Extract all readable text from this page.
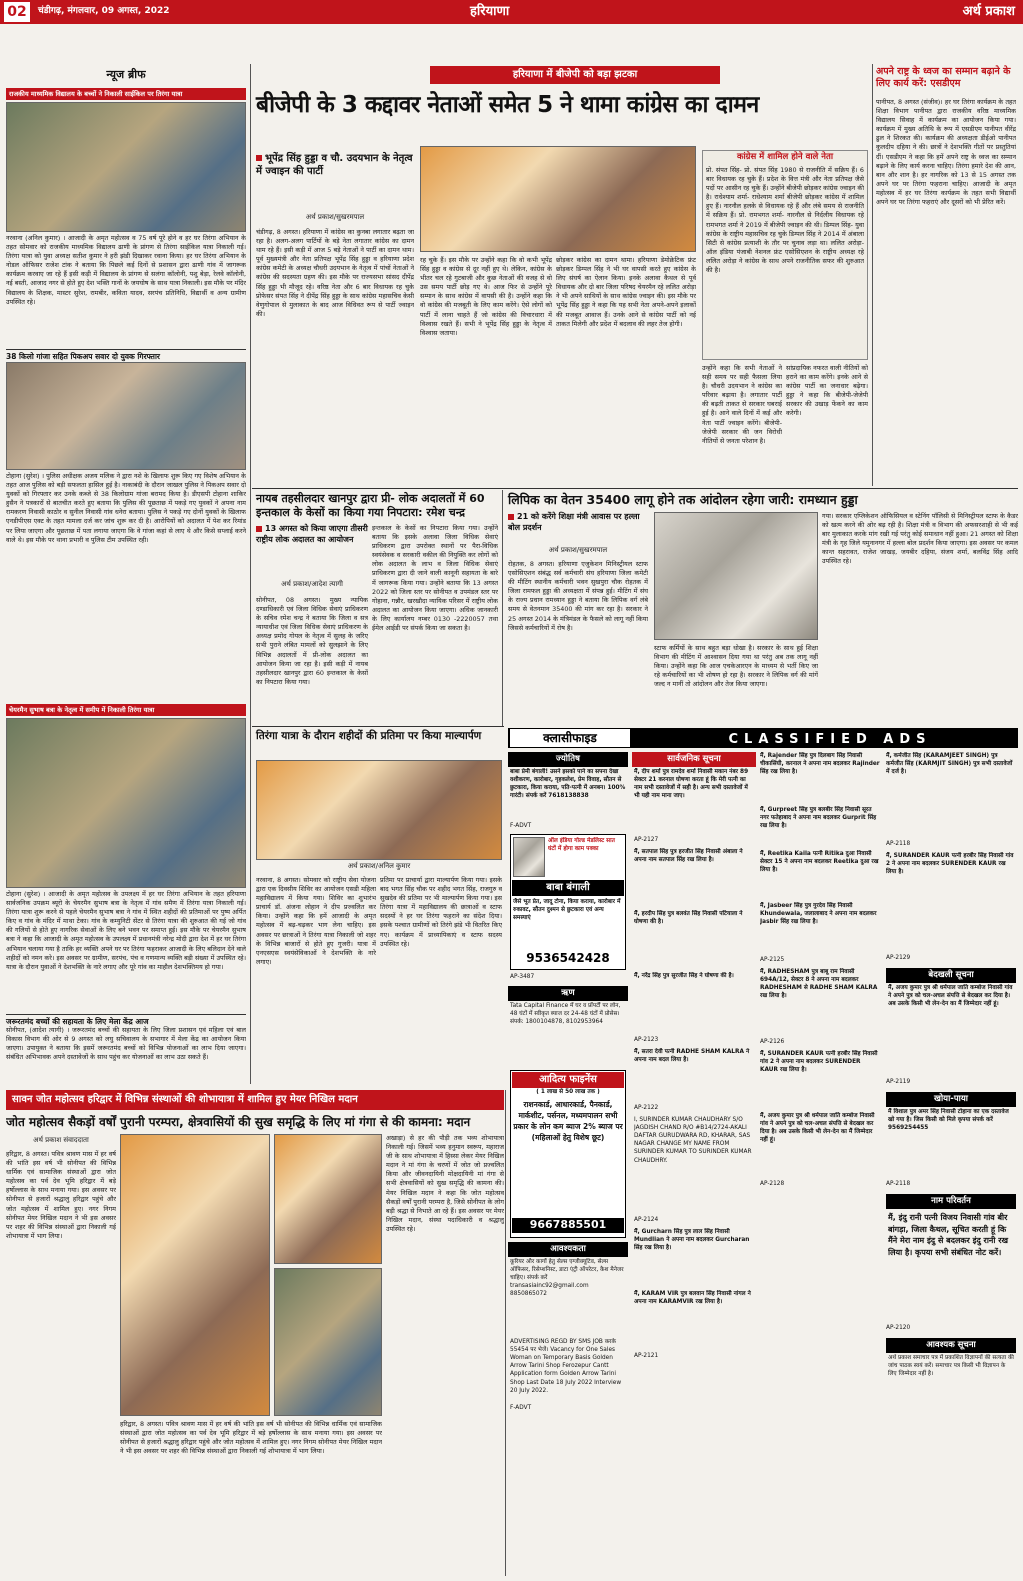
02	चंडीगढ़, मंगलवार, 09 अगस्त, 2022	हरियाणा	अर्थ प्रकाश
न्यूज ब्रीफ
राजकीय माध्यमिक विद्यालय के बच्चों ने निकाली साईकिल पर तिरंगा यात्रा
नरवाना (अनिल कुमार) । आजादी के अमृत महोत्सव व 75 वर्ष पूरे होने व हर घर तिरंगा अभियान के तहत सोमवार को राजकीय माध्यमिक विद्यालय ढाणी के प्रांगण से तिरंगा साईकिल यात्रा निकाली गई। तिरंगा यात्रा को युवा अध्यक्ष सतीश कुमार ने हरी झंडी दिखाकर रवाना किया। हर घर तिरंगा अभियान के नोडल ऑफिसर राजेश टांक ने बताया कि पिछले कई दिनों से प्रशासन द्वारा ढाणी गांव में जागरूक कार्यक्रम करवाए जा रहे हैं इसी कड़ी में विद्यालय के प्रांगण से सलंगा कॉलोनी, पशु बेड़ा, रेलवे कॉलोनी, नई बस्ती, आजाद नगर से होते हुए देश भक्ति गानों के जयघोष के साथ यात्रा निकाली। इस मौके पर मंदिर विद्यालय के शिक्षक, मास्टर सुरेश, रामबीर, कविता यादव, सरपंच प्रतिनिधि, विद्यार्थी व अन्य ग्रामीण उपस्थित रहे।
38 किलो गांजा सहित पिकअप सवार दो युवक गिरफ्तार
टोहाना (सुरेश) । पुलिस अधीक्षक अजय मलिक ने द्वारा नशे के खिलाफ शुरू किए गए विशेष अभियान के तहत आज पुलिस को बड़ी सफलता हासिल हुई है। नाकाबंदी के दौरान जाखल पुलिस ने पिकअप सवार दो युवकों को गिरफ्तार कर उनके कब्जे से 38 किलोग्राम गांजा बरामद किया है। डीएसपी टोहाना शाकिर हुसैन ने पत्रकारों से बातचीत करते हुए बताया कि पुलिस की पूछताछ में पकड़े गए युवकों ने अपना नाम रामकरण निवासी काठोर व सुनील निवासी गांव धनेरा बताया। पुलिस ने पकड़े गए दोनों युवकों के खिलाफ एनडीपीएस एक्ट के तहत मामला दर्ज कर जांच शुरू कर दी है। आरोपियों को अदालत में पेश कर रिमांड पर लिया जाएगा और पूछताछ में पता लगाया जाएगा कि वे गांजा कहां से लाए थे और किसे सप्लाई करने वाले थे। इस मौके पर थाना प्रभारी व पुलिस टीम उपस्थित रही।
चेयरमैन सुभाष बत्रा के नेतृत्व में समीप में निकाली तिरंगा यात्रा
टोहाना (सुरेश) । आजादी के अमृत महोत्सव के उपलक्ष्य में हर घर तिरंगा अभियान के तहत हरियाणा सार्वजनिक उपक्रम ब्यूरो के चेयरमैन सुभाष बत्रा के नेतृत्व में गांव समैण में तिरंगा यात्रा निकाली गई। तिरंगा यात्रा शुरू करने से पहले चेयरमैन सुभाष बत्रा ने गांव में स्थित शहीदों की प्रतिमाओं पर पुष्प अर्पित किए व गांव के मंदिर में माथा टेका। गांव के कम्युनिटी सेंटर से तिरंगा यात्रा की शुरुआत की गई जो गांव की गलियों से होते हुए नागरिक सेवाओं के लिए बने भवन पर समाप्त हुई। इस मौके पर चेयरमैन सुभाष बत्रा ने कहा कि आजादी के अमृत महोत्सव के उपलक्ष्य में प्रधानमंत्री नरेन्द्र मोदी द्वारा देश में हर घर तिरंगा अभियान चलाया गया है ताकि हर व्यक्ति अपने घर पर तिरंगा फहराकर आजादी के लिए बलिदान देने वाले शहीदों को नमन करे। इस अवसर पर ग्रामीण, सरपंच, पंच व गणमान्य व्यक्ति बड़ी संख्या में उपस्थित रहे। यात्रा के दौरान युवाओं ने देशभक्ति के नारे लगाए और पूरे गांव का माहौल देशभक्तिमय हो गया।
जरूरतमंद बच्चों की सहायता के लिए मेला केंद्र आज
सोनीपत, (आदेश त्यागी) । जरूरतमंद बच्चों की सहायता के लिए जिला प्रशासन एवं महिला एवं बाल विकास विभाग की ओर से 9 अगस्त को लघु सचिवालय के सभागार में मेला केंद्र का आयोजन किया जाएगा। उपायुक्त ने बताया कि इसमें जरूरतमंद बच्चों को विभिन्न योजनाओं का लाभ दिया जाएगा। संबंधित अभिभावक अपने दस्तावेजों के साथ पहुंच कर योजनाओं का लाभ उठा सकते हैं।
हरियाणा में बीजेपी को बड़ा झटका
बीजेपी के 3 कद्दावर नेताओं समेत 5 ने थामा कांग्रेस का दामन
भूपेंद्र सिंह हुड्डा व चौ. उदयभान के नेतृत्व में ज्वाइन की पार्टी
अर्थ प्रकाश/सुखरमपाल
चंडीगढ़, 8 अगस्त। हरियाणा में कांग्रेस का कुनबा लगातार बढ़ता जा रहा है। अलग-अलग पार्टियों के बड़े नेता लगातार कांग्रेस का दामन थाम रहे हैं। इसी कड़ी में आज 5 बड़े नेताओं ने पार्टी का दामन थाम। पूर्व मुख्यमंत्री और नेता प्रतिपक्ष भूपेंद्र सिंह हुड्डा व हरियाणा प्रदेश कांग्रेस कमेटी के अध्यक्ष चौधरी उदयभान के नेतृत्व में पांचों नेताओं ने कांग्रेस की सदस्यता ग्रहण की। इस मौके पर राज्यसभा सांसद दीपेंद्र सिंह हुड्डा भी मौजूद रहे। वरिष्ठ नेता और 6 बार विधायक रह चुके प्रोफेसर संपत सिंह ने दीपेंद्र सिंह हुड्डा के साथ कांग्रेस महासचिव केसी वेणुगोपाल से मुलाकात के बाद आज विधिवत रूप से पार्टी ज्वाइन की।
रह चुके हैं। इस मौके पर उन्होंने कहा कि वो कभी भूपेंद्र सिंह हुड्डा व कांग्रेस से दूर नहीं हुए थे। लेकिन, कांग्रेस के भीतर चल रहे गुटबाजी और कुछ नेताओं की वजह से वो उस समय पार्टी छोड़ गए थे। आज फिर से उन्होंने पूरे सम्मान के साथ कांग्रेस में वापसी की है। उन्होंने कहा कि वो कांग्रेस की मजबूती के लिए काम करेंगे। ऐसे लोगों को पार्टी में लाना चाहते हैं जो कांग्रेस की विचारधारा में विश्वास रखते हैं। सभी ने भूपेंद्र सिंह हुड्डा के नेतृत्व में विश्वास जताया।
छोड़कर कांग्रेस का दामन थामा। हरियाणा डेमोक्रेटिक फ्रंट छोड़कर डिम्पल सिंह ने भी घर वापसी करते हुए कांग्रेस के लिए संघर्ष का ऐलान किया। इनके अलावा कैथल से पूर्व विधायक और दो बार जिला परिषद चेयरमैन रहे ललित अरोड़ा ने भी अपने साथियों के साथ कांग्रेस ज्वाइन की। इस मौके पर भूपेंद्र सिंह हुड्डा ने कहा कि यह सभी नेता अपने-अपने इलाकों की मजबूत आवाज हैं। उनके आने से कांग्रेस पार्टी को नई ताकत मिलेगी और प्रदेश में बदलाव की लहर तेज होगी।
कांग्रेस में शामिल होने वाले नेता
प्रो. संपत सिंह- प्रो. संपत सिंह 1980 से राजनीति में सक्रिय हैं। 6 बार विधायक रह चुके हैं। प्रदेश के वित्त मंत्री और नेता प्रतिपक्ष जैसे पदों पर आसीन रह चुके हैं। उन्होंने बीजेपी छोड़कर कांग्रेस ज्वाइन की है। राधेश्याम शर्मा- राधेश्याम शर्मा बीजेपी छोड़कर कांग्रेस में शामिल हुए हैं। नारनौल हलके से विधायक रहे हैं और लंबे समय से राजनीति में सक्रिय हैं। प्रो. रामभगत शर्मा- नारनौल से निर्दलीय विधायक रहे रामभगत शर्मा ने 2019 में बीजेपी ज्वाइन की थी। डिम्पल सिंह- युवा कांग्रेस के राष्ट्रीय महासचिव रह चुके डिम्पल सिंह ने 2014 में अंबाला सिटी से कांग्रेस प्रत्याशी के तौर पर चुनाव लड़ा था। ललित अरोड़ा- ऑल इंडिया पंजाबी नेशनल फ्रंट एसोसिएशन के राष्ट्रीय अध्यक्ष रहे ललित अरोड़ा ने कांग्रेस के साथ अपने राजनीतिक सफर की शुरुआत की है।
उन्होंने कहा कि सभी नेताओं ने सही समय पर सही फैसला लिया है। चौधरी उदयभान ने कांग्रेस का परिवार बढ़ाया है। लगातार पार्टी की बढ़ती ताकत से सरकार घबराई हुई है। आने वाले दिनों में कई और नेता पार्टी ज्वाइन करेंगे। बीजेपी-जेजेपी सरकार की जन विरोधी नीतियों से जनता परेशान है।
सांप्रदायिक नफरत वाली नीतियों को हराने का काम करेंगे। इनके आने से कांग्रेस पार्टी का जनाधार बढ़ेगा। हुड्डा ने कहा कि बीजेपी-जेजेपी सरकार की उखाड़ फेंकने का काम करेगी।
अपने राष्ट्र के ध्वज का सम्मान बढ़ाने के लिए कार्य करें: एसडीएम
पानीपत, 8 अगस्त (संजीव)। हर घर तिरंगा कार्यक्रम के तहत शिक्षा विभाग पानीपत द्वारा राजकीय वरिष्ठ माध्यमिक विद्यालय सिवाह में कार्यक्रम का आयोजन किया गया। कार्यक्रम में मुख्य अतिथि के रूप में एसडीएम पानीपत वीरेंद्र ढुल ने शिरकत की। कार्यक्रम की अध्यक्षता डीईओ पानीपत कुलदीप दहिया ने की। छात्रों ने देशभक्ति गीतों पर प्रस्तुतियां दीं। एसडीएम ने कहा कि हमें अपने राष्ट्र के ध्वज का सम्मान बढ़ाने के लिए कार्य करना चाहिए। तिरंगा हमारे देश की आन, बान और शान है। हर नागरिक को 13 से 15 अगस्त तक अपने घर पर तिरंगा फहराना चाहिए। आजादी के अमृत महोत्सव में हर घर तिरंगा कार्यक्रम के तहत सभी विद्यार्थी अपने घर पर तिरंगा फहराएं और दूसरों को भी प्रेरित करें।
नायब तहसीलदार खानपुर द्वारा प्री- लोक अदालतों में 60 इन्तकाल के केसों का किया गया निपटारा: रमेश चन्द्र
13 अगस्त को किया जाएगा तीसरी राष्ट्रीय लोक अदालत का आयोजन
अर्थ प्रकाश/आदेश त्यागी
सोनीपत, 08 अगस्त। मुख्य न्यायिक दण्डाधिकारी एवं जिला विधिक सेवाएं प्राधिकरण के सचिव रमेश चन्द्र ने बताया कि जिला व सत्र न्यायाधीश एवं जिला विधिक सेवाएं प्राधिकरण के अध्यक्ष प्रमोद गोयल के नेतृत्व में सुलह के जरिए सभी पुराने लंबित मामलों को सुलझाने के लिए विभिन्न अदालतों में प्री-लोक अदालत का आयोजन किया जा रहा है। इसी कड़ी में नायब तहसीलदार खानपुर द्वारा 60 इन्तकाल के केसों का निपटारा किया गया।
इन्तकाल के केसों का निपटारा किया गया। उन्होंने बताया कि इसके अलावा जिला विधिक सेवाएं प्राधिकरण द्वारा उपरोक्त स्थानों पर पैरा-विधिक स्वयंसेवक व सरकारी वकील की नियुक्ति कर लोगों को लोक अदालत के लाभ व जिला विधिक सेवाएं प्राधिकरण द्वारा दी जाने वाली कानूनी सहायता के बारे में जागरूक किया गया। उन्होंने बताया कि 13 अगस्त 2022 को जिला स्तर पर सोनीपत व उपमंडल स्तर पर गोहाना, गन्नौर, खरखौदा न्यायिक परिसर में राष्ट्रीय लोक अदालत का आयोजन किया जाएगा। अधिक जानकारी के लिए कार्यालय नम्बर 0130 -2220057 तथा ईमेल आईडी पर संपर्क किया जा सकता है।
लिपिक का वेतन 35400 लागू होने तक आंदोलन रहेगा जारी: रामध्यान हुड्डा
21 को करेंगे शिक्षा मंत्री आवास पर हल्ला बोल प्रदर्शन
अर्थ प्रकाश/सुखरमपाल
रोहतक, 8 अगस्त। हरियाणा एजुकेशन मिनिस्ट्रीयल स्टाफ एसोसिएशन संबंद्ध सर्व कर्मचारी संघ हरियाणा जिला कमेटी की मीटिंग स्थानीय कर्मचारी भवन सुखपुरा चौक रोहतक में जिला रामफल हुड्डा की अध्यक्षता में संपन्न हुई। मीटिंग में संघ के राज्य प्रधान रामध्यान हुड्डा ने बताया कि लिपिक वर्ग लंबे समय से वेतनमान 35400 की मांग कर रहा है। सरकार ने 25 अगस्त 2014 के मंत्रिमंडल के फैसले को लागू नहीं किया जिससे कर्मचारियों में रोष है।
स्टाफ कर्मियों के साथ बहुत बड़ा धोखा है। सरकार के साथ हुई शिक्षा विभाग की मीटिंग में आश्वासन दिया गया था परंतु अब तक लागू नहीं किया। उन्होंने कहा कि आज एचकेआरएन के माध्यम से भर्ती किए जा रहे कर्मचारियों का भी शोषण हो रहा है। सरकार ने लिपिक वर्ग की मांगें जल्द न मानीं तो आंदोलन और तेज किया जाएगा।
गया। सरकार एप्लिकेशन ऑफिसियल व स्टेनिंग पॉलिसी से मिनिस्ट्रीयल स्टाफ के कैडर को खत्म करने की ओर बढ़ रही है। शिक्षा मंत्री व विभाग की अफसरशाही से भी कई बार मुलाकात करके मांग रखी गई परंतु कोई समाधान नहीं हुआ। 21 अगस्त को शिक्षा मंत्री के गृह जिले यमुनानगर में हल्ला बोल प्रदर्शन किया जाएगा। इस अवसर पर कमल कान्त सहरावत, राजेश जाखड़, जयबीर दहिया, संजय शर्मा, बलविंद्र सिंह आदि उपस्थित रहे।
तिरंगा यात्रा के दौरान शहीदों की प्रतिमा पर किया माल्यार्पण
अर्थ प्रकाश/अनिल कुमार
नरवाना, 8 अगस्त। सोमवार को राष्ट्रीय सेवा योजना द्वारा एक दिवसीय शिविर का आयोजन एसडी महिला महाविद्यालय में किया गया। शिविर का शुभारंभ प्राचार्य डॉ. अंजना लोहान ने दीप प्रज्वलित कर किया। उन्होंने कहा कि हमें आजादी के अमृत महोत्सव में बढ़-चढ़कर भाग लेना चाहिए। इस अवसर पर छात्राओं ने तिरंगा यात्रा निकाली जो शहर के विभिन्न बाजारों से होते हुए गुजरी। यात्रा में एनएसएस स्वयंसेविकाओं ने देशभक्ति के नारे लगाए।
प्रतिमा पर प्राचार्या द्वारा माल्यार्पण किया गया। इसके बाद भगत सिंह चौक पर शहीद भगत सिंह, राजगुरु व सुखदेव की प्रतिमा पर भी माल्यार्पण किया गया। इस तिरंगा यात्रा में महाविद्यालय की छात्राओं व स्टाफ सदस्यों ने हर घर तिरंगा फहराने का संदेश दिया। इसके पश्चात ग्रामीणों को तिरंगे झंडे भी वितरित किए गए। कार्यक्रम में प्राध्यापिकाएं व स्टाफ सदस्य उपस्थित रहे।
क्लासीफाइड	CLASSIFIED ADS
ज्योतिष
बाबा प्रेमी बंगाली! उसने इसको पाने का सपना देखा वशीकरण, कारोबार, गृहकलेश, प्रेम विवाह, सौतन से छुटकारा, किया कराया, पति-पत्नी में अनबन। 100% गारंटी। संपर्क करें 7618138838
F-ADVT
ऑल इंडिया गोल्ड मेडलिस्ट सात घंटों में होगा काम पक्का
बाबा बंगाली
जैसे भूत प्रेत, जादू टोना, किया कराया, कारोबार में रुकावट, सौतन दुश्मन से छुटकारा एवं अन्य समस्याएं
9536542428
AP-3487
ऋण
Tata Capital Finance में घर व प्रॉपर्टी पर लोन, 48 घंटों में स्वीकृत ब्याज दर 24-48 घंटों में प्रोसेस। संपर्क: 1800104878, 8102953964
आदित्य फाइनेंस
( 1 लाख से 50 लाख तक )
राशनकार्ड, आधारकार्ड, पैनकार्ड, मार्कशीट, पर्सनल, मध्यमपालन सभी प्रकार के लोन कम ब्याज 2% ब्याज पर (महिलाओं हेतु विशेष छूट)
9667885501
आवश्यकता
कूरियर और कार्गो हेतु सेल्स एग्जीक्यूटिव, सेल्स ऑफिसर, रिसेप्शनिस्ट, डाटा एंट्री ऑपरेटर, कैश मैनेजर चाहिए। संपर्क करें transasiainc92@gmail.com 8850865072
ADVERTISING REGD BY SMS JOB करके 55454 पर भेजें। Vacancy for One Sales Woman on Temporary Basis Golden Arrow Tarini Shop Ferozepur Cantt Application form Golden Arrow Tarini Shop Last Date 18 July 2022 Interview 20 July 2022.
F-ADVT
सार्वजनिक सूचना
मैं, दीप शर्मा पुत्र रामदेव शर्मा निवासी मकान नंबर 89 सेक्टर 21 करनाल घोषणा करता हूं कि मेरी पत्नी का नाम सभी दस्तावेजों में सही है। अन्य सभी दस्तावेजों में भी यही नाम माना जाए।
AP-2127
मैं, सतपाल सिंह पुत्र हरजीत सिंह निवासी अंबाला ने अपना नाम सतपाल सिंह रख लिया है।
मैं, हरदीप सिंह पुत्र बलवंत सिंह निवासी पटियाला ने घोषणा की है।
मैं, नरेंद्र सिंह पुत्र सुरजीत सिंह ने घोषणा की है।
AP-2123
मैं, सतरा देवी पत्नी RADHE SHAM KALRA ने अपना नाम बदल लिया है।
AP-2122
I, SURINDER KUMAR CHAUDHARY S/O JAGDISH CHAND R/O #B14/2724-AKALI DAFTAR GURUDWARA RD, KHARAR, SAS NAGAR CHANGE MY NAME FROM SURINDER KUMAR TO SURINDER KUMAR CHAUDHRY.
AP-2124
मैं, Gurcharn सिंह पुत्र लाल सिंह निवासी Mundlian ने अपना नाम बदलकर Gurcharan सिंह रख लिया है।
मैं, KARAM VIR पुत्र बलवान सिंह निवासी नांगल ने अपना नाम KARAMVIR रख लिया है।
AP-2121
मैं, Rajender सिंह पुत्र दिलबाग सिंह निवासी चीकासिंघी, करनाल ने अपना नाम बदलकर Rajinder सिंह रख लिया है।
मैं, Gurpreet सिंह पुत्र बलबीर सिंह निवासी सूरत नगर फतेहाबाद ने अपना नाम बदलकर Gurprit सिंह रख लिया है।
मैं, Reetika Kaila पत्नी Ritika दुआ निवासी सेक्टर 15 ने अपना नाम बदलकर Reetika दुआ रख लिया है।
मैं, Jasbeer सिंह पुत्र गुरदेव सिंह निवासी Khundewala, जलालाबाद ने अपना नाम बदलकर Jasbir सिंह रख लिया है।
AP-2125
मैं, RADHESHAM पुत्र बाबू राम निवासी 694A/12, सेक्टर 8 ने अपना नाम बदलकर RADHESHAM से RADHE SHAM KALRA रख लिया है।
AP-2126
मैं, SURANDER KAUR पत्नी हरबीर सिंह निवासी गांव 2 ने अपना नाम बदलकर SURENDER KAUR रख लिया है।
मैं, अजय कुमार पुत्र श्री धर्मपाल जाति कम्बोज निवासी गांव ने अपने पुत्र को चल-अचल संपत्ति से बेदखल कर दिया है। अब उसके किसी भी लेन-देन का मैं जिम्मेदार नहीं हूं।
AP-2128
मैं, कर्मजीत सिंह (KARAMJEET SINGH) पुत्र कर्मजीत सिंह (KARMJIT SINGH) पुत्र सभी दस्तावेजों में दर्ज है।
AP-2118
मैं, SURANDER KAUR पत्नी हरबीर सिंह निवासी गांव 2 ने अपना नाम बदलकर SURENDER KAUR रख लिया है।
AP-2129
बेदखली सूचना
मैं, अजय कुमार पुत्र श्री धर्मपाल जाति कम्बोज निवासी गांव ने अपने पुत्र को चल-अचल संपत्ति से बेदखल कर दिया है। अब उसके किसी भी लेन-देन का मैं जिम्मेदार नहीं हूं।
AP-2119
खोया-पाया
मैं विशाल पुत्र अमर सिंह निवासी टोहाना का एक दस्तावेज खो गया है। जिस किसी को मिले कृपया संपर्क करें 9569254455
AP-2118
नाम परिवर्तन
मैं, इंदु रानी पत्नी विजय निवासी गांव बीर बांगड़ा, जिला कैथल, सूचित करती हूं कि मैंने मेरा नाम इंदु से बदलकर इंदु रानी रख लिया है। कृपया सभी संबंधित नोट करें।
AP-2120
आवश्यक सूचना
अर्थ प्रकाश समाचार पत्र में प्रकाशित विज्ञापनों की सत्यता की जांच पाठक स्वयं करें। समाचार पत्र किसी भी विज्ञापन के लिए जिम्मेदार नहीं है।
सावन जोत महोत्सव हरिद्वार में विभिन्न संस्थाओं की शोभायात्रा में शामिल हुए मेयर निखिल मदान
जोत महोत्सव सैकड़ों वर्षों पुरानी परम्परा, क्षेत्रवासियों की सुख समृद्धि के लिए मां गंगा से की कामना: मदान
अर्थ प्रकाश संवाददाता
हरिद्वार, 8 अगस्त। पवित्र श्रावण मास में हर वर्ष की भांति इस वर्ष भी सोनीपत की विभिन्न धार्मिक एवं सामाजिक संस्थाओं द्वारा जोत महोत्सव का पर्व देव भूमि हरिद्वार में बड़े हर्षोल्लास के साथ मनाया गया। इस अवसर पर सोनीपत से हजारों श्रद्धालु हरिद्वार पहुंचे और जोत महोत्सव में शामिल हुए। नगर निगम सोनीपत मेयर निखिल मदान ने भी इस अवसर पर शहर की विभिन्न संस्थाओं द्वारा निकाली गई शोभायात्रा में भाग लिया।
अखाड़ा) से हर की पौड़ी तक भव्य शोभायात्रा निकाली गई। जिसमें भव्य हनुमान स्वरूप, महाराज जी के साथ शोभायात्रा में हिस्सा लेकर मेयर निखिल मदान ने मां गंगा के चरणों में जोत जो प्रज्वलित किया और जीवनदायिनी मोक्षदायिनी मां गंगा से सभी क्षेत्रवासियों को सुख समृद्धि की कामना की। मेयर निखिल मदान ने कहा कि जोत महोत्सव सैकड़ों वर्षों पुरानी परम्परा है, जिसे सोनीपत के लोग बड़ी श्रद्धा से निभाते आ रहे हैं। इस अवसर पर मेयर निखिल मदान, संस्था पदाधिकारी व श्रद्धालु उपस्थित रहे।
हरिद्वार, 8 अगस्त। पवित्र श्रावण मास में हर वर्ष की भांति इस वर्ष भी सोनीपत की विभिन्न धार्मिक एवं सामाजिक संस्थाओं द्वारा जोत महोत्सव का पर्व देव भूमि हरिद्वार में बड़े हर्षोल्लास के साथ मनाया गया। इस अवसर पर सोनीपत से हजारों श्रद्धालु हरिद्वार पहुंचे और जोत महोत्सव में शामिल हुए। नगर निगम सोनीपत मेयर निखिल मदान ने भी इस अवसर पर शहर की विभिन्न संस्थाओं द्वारा निकाली गई शोभायात्रा में भाग लिया।
